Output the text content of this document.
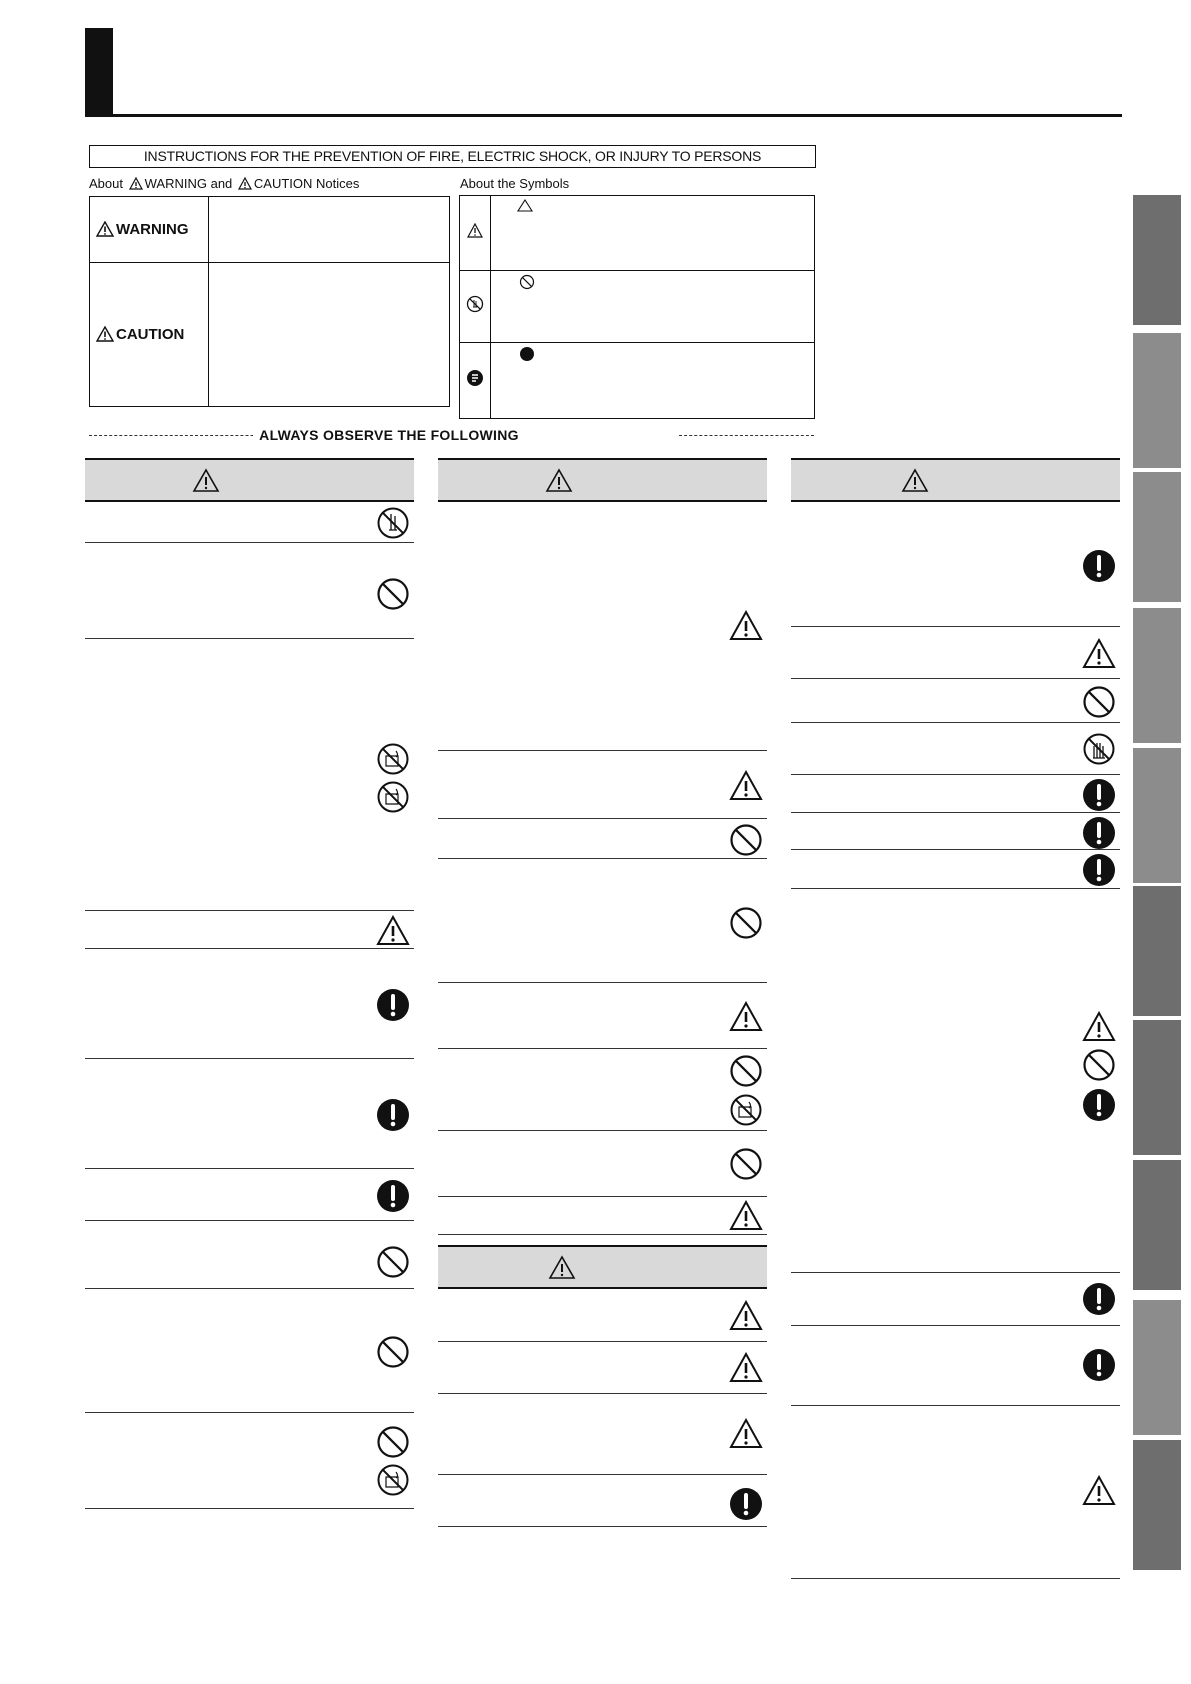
INSTRUCTIONS FOR THE PREVENTION OF FIRE, ELECTRIC SHOCK, OR INJURY TO PERSONS
About WARNING and CAUTION Notices	About the Symbols
WARNING	
CAUTION	

ALWAYS OBSERVE THE FOLLOWING
